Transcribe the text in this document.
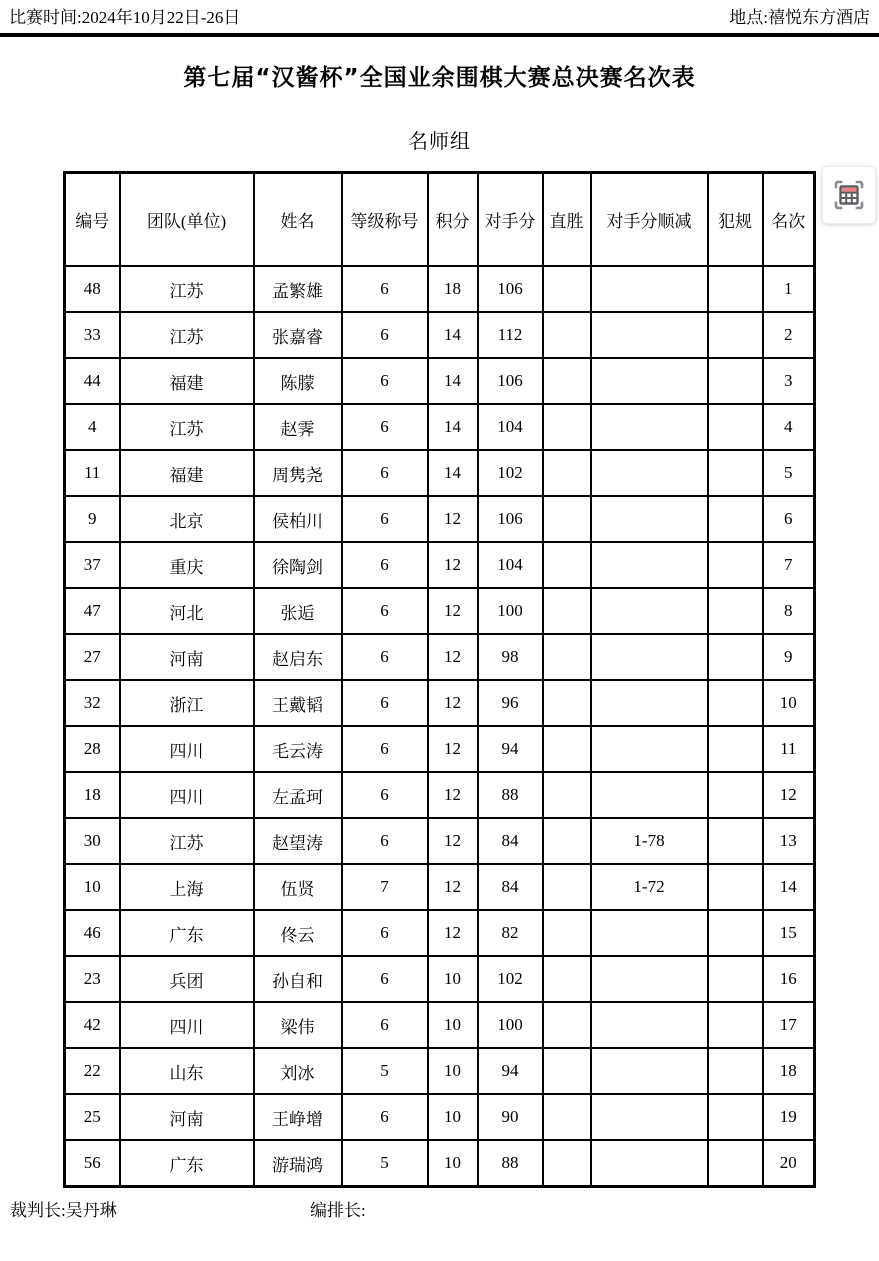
比赛时间:2024年10月22日-26日	地点:禧悦东方酒店
第七届“汉酱杯”全国业余围棋大赛总决赛名次表
名师组
编号	团队(单位)	姓名	等级称号	积分	对手分	直胜	对手分顺减	犯规	名次
48	江苏	孟繁雄	6	18	106				1
33	江苏	张嘉睿	6	14	112				2
44	福建	陈朦	6	14	106				3
4	江苏	赵霁	6	14	104				4
11	福建	周隽尧	6	14	102				5
9	北京	侯柏川	6	12	106				6
37	重庆	徐陶剑	6	12	104				7
47	河北	张逅	6	12	100				8
27	河南	赵启东	6	12	98				9
32	浙江	王戴韬	6	12	96				10
28	四川	毛云涛	6	12	94				11
18	四川	左孟珂	6	12	88				12
30	江苏	赵望涛	6	12	84		1-78		13
10	上海	伍贤	7	12	84		1-72		14
46	广东	佟云	6	12	82				15
23	兵团	孙自和	6	10	102				16
42	四川	梁伟	6	10	100				17
22	山东	刘冰	5	10	94				18
25	河南	王峥增	6	10	90				19
56	广东	游瑞鸿	5	10	88				20
裁判长:吴丹琳	编排长:
